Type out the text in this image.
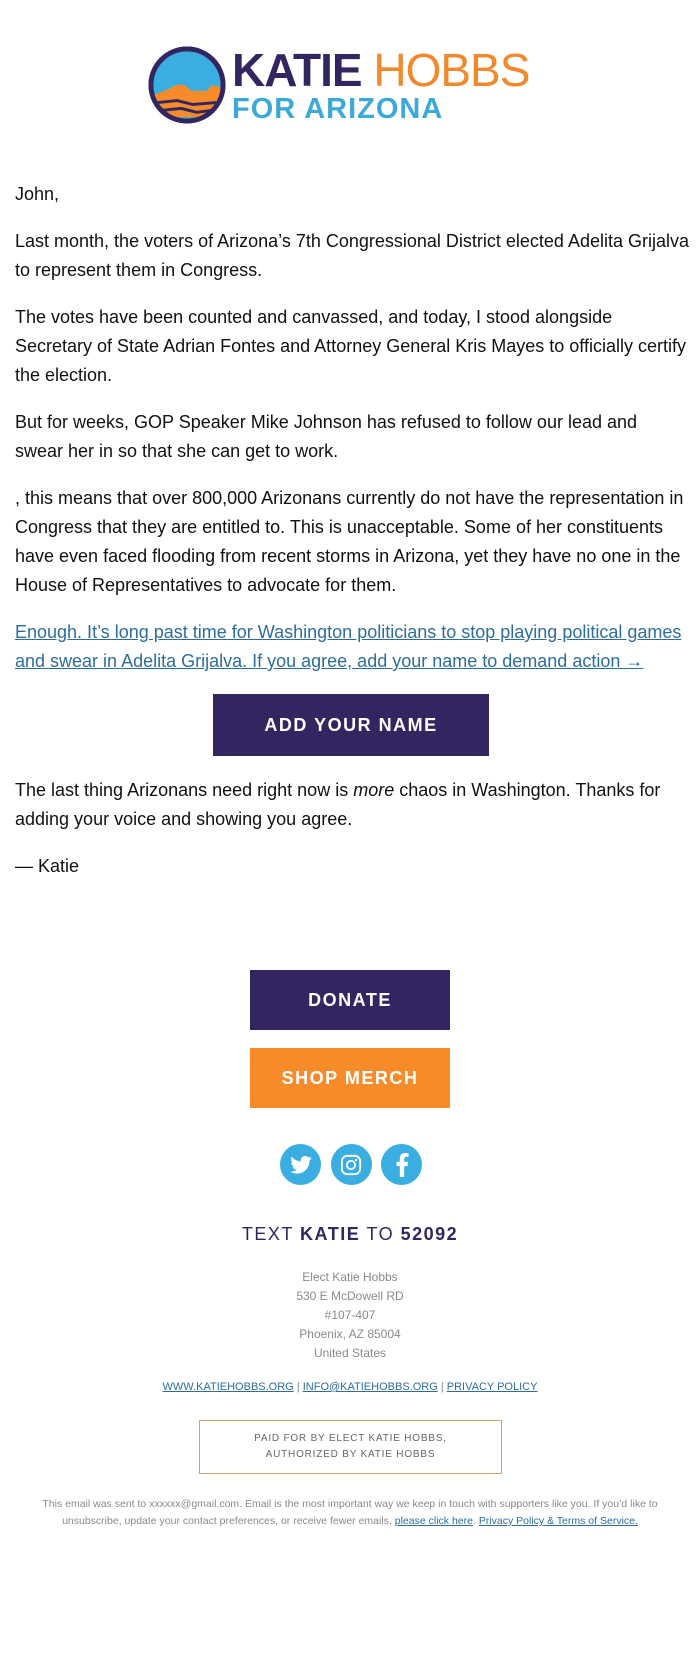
KATIE HOBBS
FOR ARIZONA

John,

Last month, the voters of Arizona’s 7th Congressional District elected Adelita Grijalva to represent them in Congress.

The votes have been counted and canvassed, and today, I stood alongside Secretary of State Adrian Fontes and Attorney General Kris Mayes to officially certify the election.

But for weeks, GOP Speaker Mike Johnson has refused to follow our lead and swear her in so that she can get to work.

, this means that over 800,000 Arizonans currently do not have the representation in Congress that they are entitled to. This is unacceptable. Some of her constituents have even faced flooding from recent storms in Arizona, yet they have no one in the House of Representatives to advocate for them.

Enough. It’s long past time for Washington politicians to stop playing political games and swear in Adelita Grijalva. If you agree, add your name to demand action →

ADD YOUR NAME

The last thing Arizonans need right now is more chaos in Washington. Thanks for adding your voice and showing you agree.

— Katie

DONATE
SHOP MERCH
TEXT KATIE TO 52092
Elect Katie Hobbs
530 E McDowell RD
#107-407
Phoenix, AZ 85004
United States
WWW.KATIEHOBBS.ORG | INFO@KATIEHOBBS.ORG | PRIVACY POLICY
PAID FOR BY ELECT KATIE HOBBS,
AUTHORIZED BY KATIE HOBBS
This email was sent to xxxxxx@gmail.com. Email is the most important way we keep in touch with supporters like you. If you’d like to unsubscribe, update your contact preferences, or receive fewer emails, please click here. Privacy Policy & Terms of Service.
